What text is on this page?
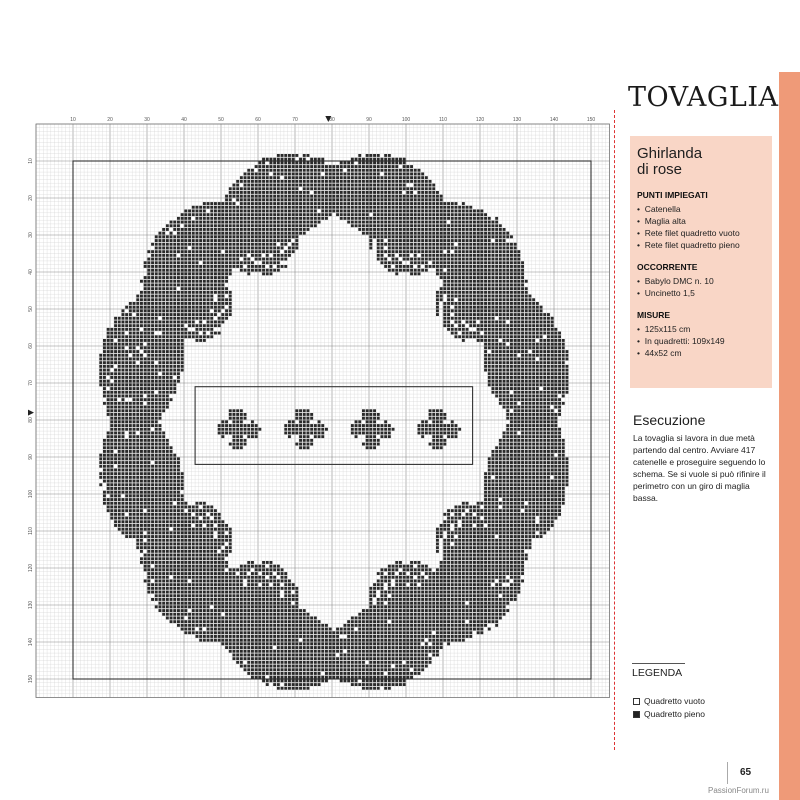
10	20	30	40	50	60	70	80	90	100	110	120	130	140	150
10
20
30
40
50
60
70
80
90
100
110
120
130
140
150
TOVAGLIA
Ghirlanda
di rose
PUNTI IMPIEGATI
•  Catenella
•  Maglia alta
•  Rete filet quadretto vuoto
•  Rete filet quadretto pieno
OCCORRENTE
•  Babylo DMC n. 10
•  Uncinetto 1,5
MISURE
•  125x115 cm
•  In quadretti: 109x149
•  44x52 cm
Esecuzione

La tovaglia si lavora in due metà partendo dal centro. Avviare 417 catenelle e proseguire seguendo lo schema. Se si vuole si può rifinire il perimetro con un giro di maglia bassa.

LEGENDA
Quadretto vuoto
Quadretto pieno
65
PassionForum.ru
